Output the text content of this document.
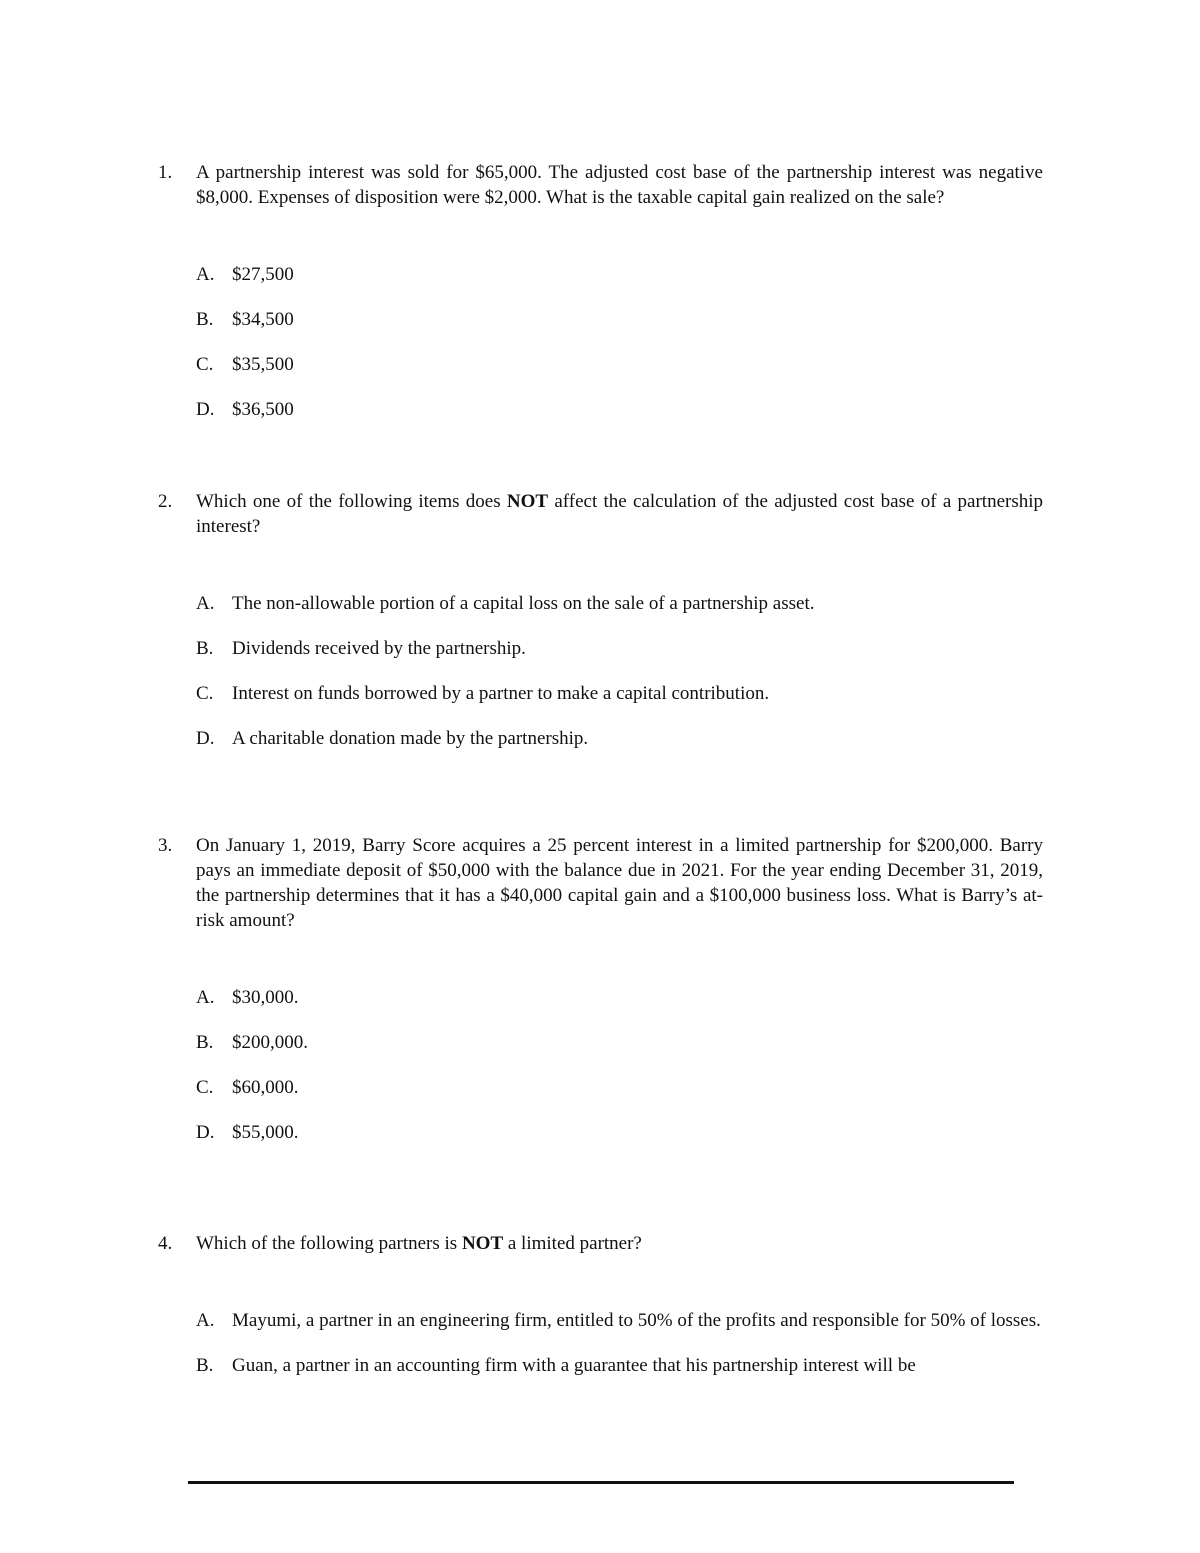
1.	A partnership interest was sold for $65,000. The adjusted cost base of the partnership interest was negative $8,000. Expenses of disposition were $2,000. What is the taxable capital gain realized on the sale?
A. $27,500
B. $34,500
C. $35,500
D. $36,500
2.	Which one of the following items does NOT affect the calculation of the adjusted cost base of a partnership interest?
A. The non-allowable portion of a capital loss on the sale of a partnership asset.
B. Dividends received by the partnership.
C. Interest on funds borrowed by a partner to make a capital contribution.
D. A charitable donation made by the partnership.
3.	On January 1, 2019, Barry Score acquires a 25 percent interest in a limited partnership for $200,000. Barry pays an immediate deposit of $50,000 with the balance due in 2021. For the year ending December 31, 2019, the partnership determines that it has a $40,000 capital gain and a $100,000 business loss. What is Barry’s at-risk amount?
A. $30,000.
B. $200,000.
C. $60,000.
D. $55,000.
4.	Which of the following partners is NOT a limited partner?
A. Mayumi, a partner in an engineering firm, entitled to 50% of the profits and responsible for 50% of losses.
B. Guan, a partner in an accounting firm with a guarantee that his partnership interest will be
